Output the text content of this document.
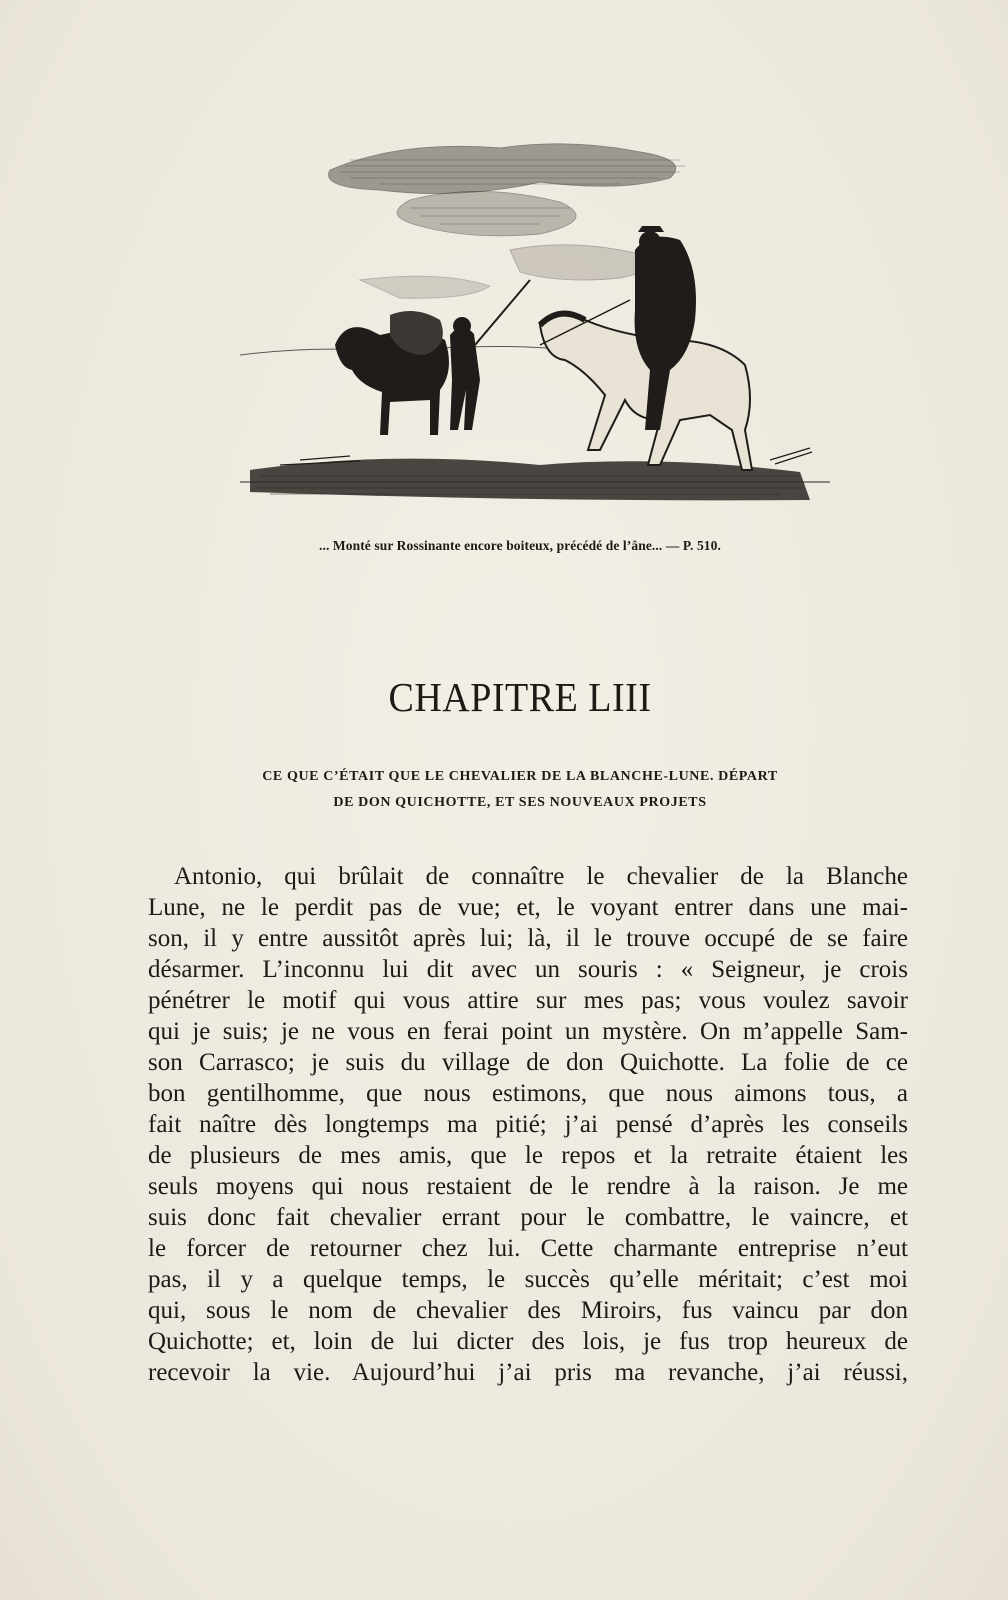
... Monté sur Rossinante encore boiteux, précédé de l’âne... — P. 510.
CHAPITRE LIII
CE QUE C’ÉTAIT QUE LE CHEVALIER DE LA BLANCHE-LUNE. DÉPART
DE DON QUICHOTTE, ET SES NOUVEAUX PROJETS
Antonio, qui brûlait de connaître le chevalier de la Blanche
Lune, ne le perdit pas de vue; et, le voyant entrer dans une mai-
son, il y entre aussitôt après lui; là, il le trouve occupé de se faire
désarmer. L’inconnu lui dit avec un souris : « Seigneur, je crois
pénétrer le motif qui vous attire sur mes pas; vous voulez savoir
qui je suis; je ne vous en ferai point un mystère. On m’appelle Sam-
son Carrasco; je suis du village de don Quichotte. La folie de ce
bon gentilhomme, que nous estimons, que nous aimons tous, a
fait naître dès longtemps ma pitié; j’ai pensé d’après les conseils
de plusieurs de mes amis, que le repos et la retraite étaient les
seuls moyens qui nous restaient de le rendre à la raison. Je me
suis donc fait chevalier errant pour le combattre, le vaincre, et
le forcer de retourner chez lui. Cette charmante entreprise n’eut
pas, il y a quelque temps, le succès qu’elle méritait; c’est moi
qui, sous le nom de chevalier des Miroirs, fus vaincu par don
Quichotte; et, loin de lui dicter des lois, je fus trop heureux de
recevoir la vie. Aujourd’hui j’ai pris ma revanche, j’ai réussi,
